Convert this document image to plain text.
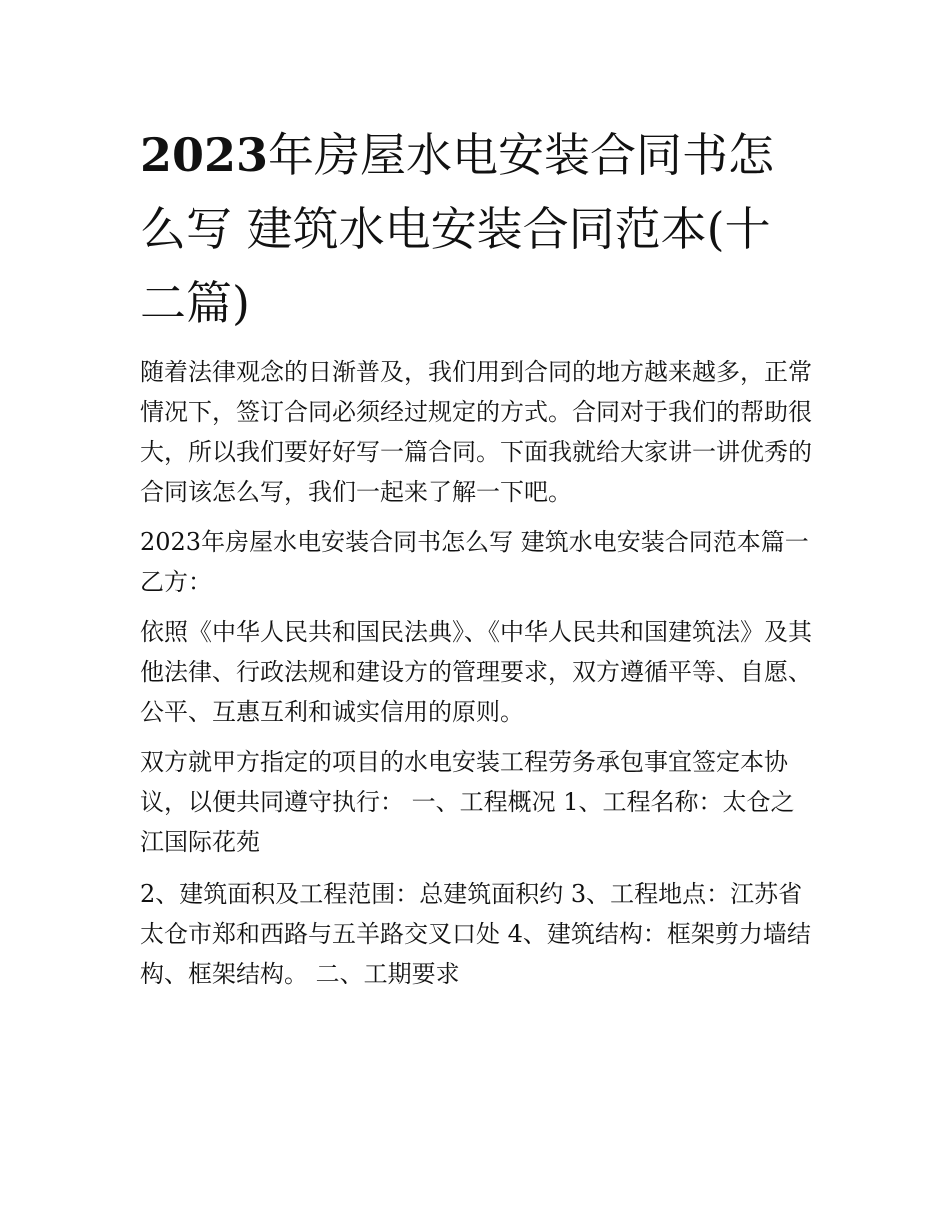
2023年房屋水电安装合同书怎么写 建筑水电安装合同范本(十二篇)

随着法律观念的日渐普及，我们用到合同的地方越来越多，正常情况下，签订合同必须经过规定的方式。合同对于我们的帮助很大，所以我们要好好写一篇合同。下面我就给大家讲一讲优秀的合同该怎么写，我们一起来了解一下吧。

2023年房屋水电安装合同书怎么写 建筑水电安装合同范本篇一 乙方：

依照《中华人民共和国民法典》、《中华人民共和国建筑法》及其他法律、行政法规和建设方的管理要求，双方遵循平等、自愿、公平、互惠互利和诚实信用的原则。

双方就甲方指定的项目的水电安装工程劳务承包事宜签定本协议，以便共同遵守执行： 一、工程概况 1、工程名称：太仓之江国际花苑

2、建筑面积及工程范围：总建筑面积约 3、工程地点：江苏省太仓市郑和西路与五羊路交叉口处 4、建筑结构：框架剪力墙结构、框架结构。 二、工期要求
